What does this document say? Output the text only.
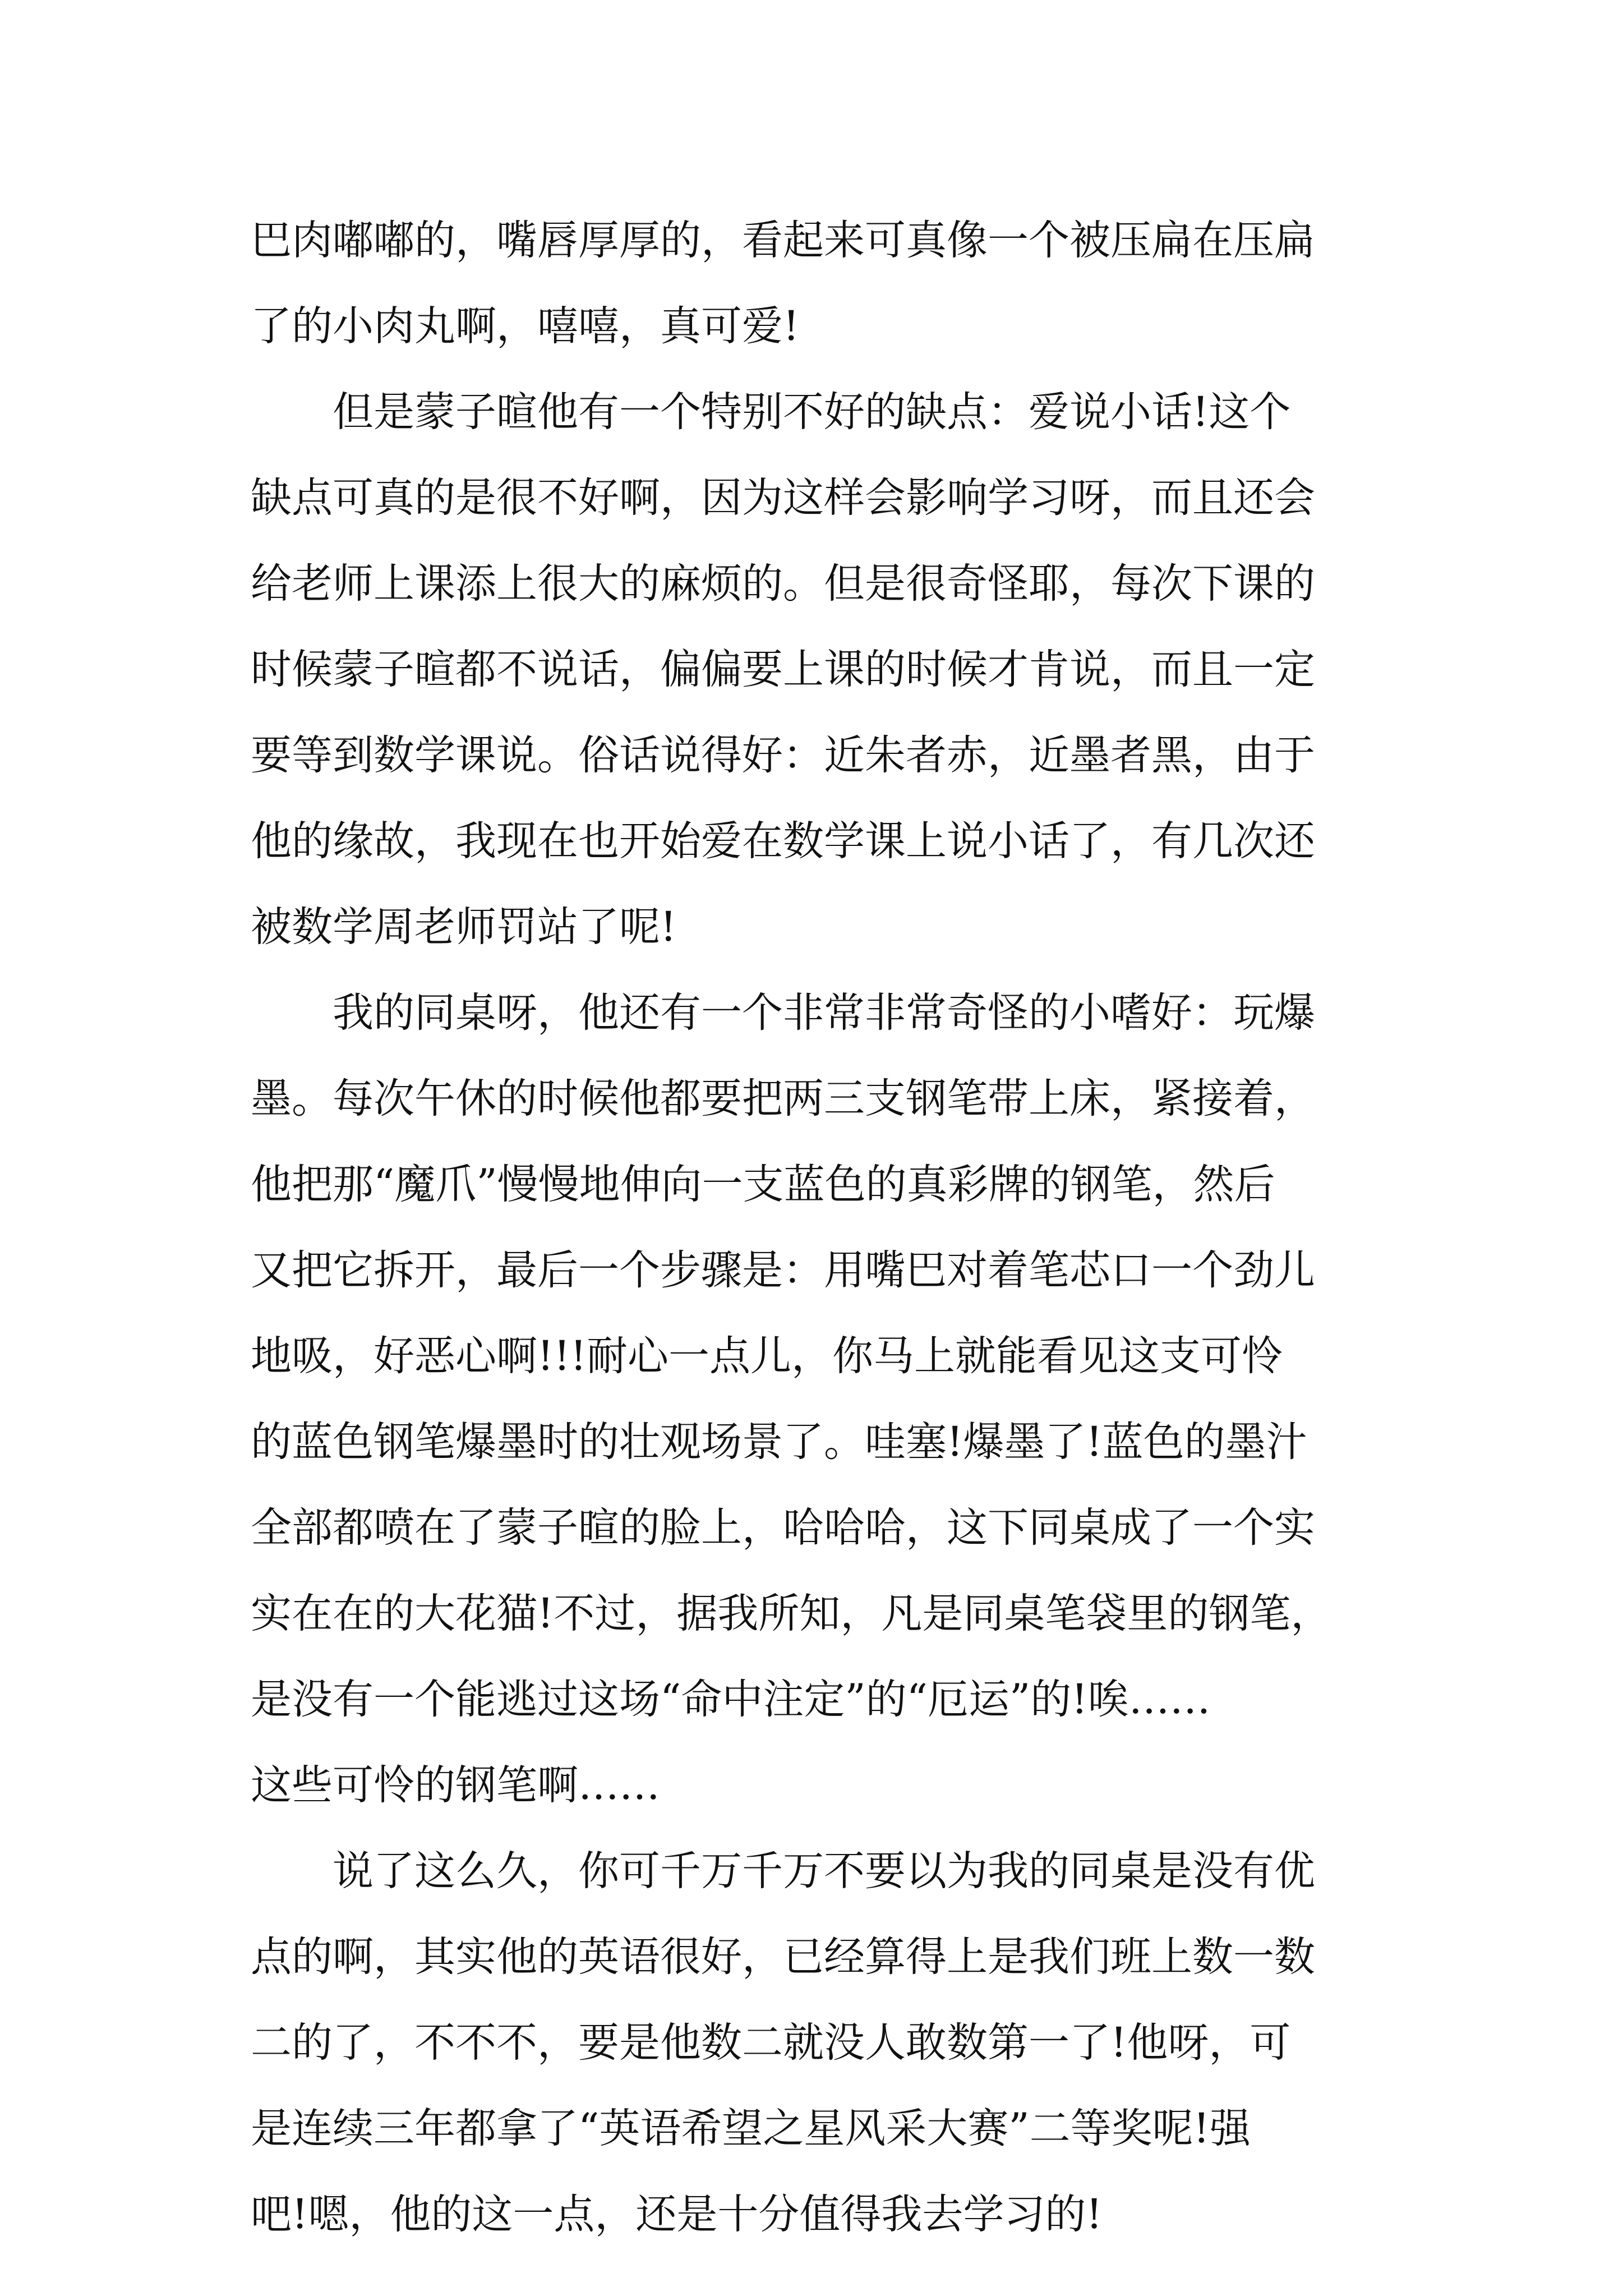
巴肉嘟嘟的，嘴唇厚厚的，看起来可真像一个被压扁在压扁
了的小肉丸啊，嘻嘻，真可爱!
　　但是蒙子暄他有一个特别不好的缺点：爱说小话!这个
缺点可真的是很不好啊，因为这样会影响学习呀，而且还会
给老师上课添上很大的麻烦的。但是很奇怪耶，每次下课的
时候蒙子暄都不说话，偏偏要上课的时候才肯说，而且一定
要等到数学课说。俗话说得好：近朱者赤，近墨者黑，由于
他的缘故，我现在也开始爱在数学课上说小话了，有几次还
被数学周老师罚站了呢!
　　我的同桌呀，他还有一个非常非常奇怪的小嗜好：玩爆
墨。每次午休的时候他都要把两三支钢笔带上床，紧接着，
他把那“魔爪”慢慢地伸向一支蓝色的真彩牌的钢笔，然后
又把它拆开，最后一个步骤是：用嘴巴对着笔芯口一个劲儿
地吸，好恶心啊!!!耐心一点儿，你马上就能看见这支可怜
的蓝色钢笔爆墨时的壮观场景了。哇塞!爆墨了!蓝色的墨汁
全部都喷在了蒙子暄的脸上，哈哈哈，这下同桌成了一个实
实在在的大花猫!不过，据我所知，凡是同桌笔袋里的钢笔，
是没有一个能逃过这场“命中注定”的“厄运”的!唉……
这些可怜的钢笔啊……
　　说了这么久，你可千万千万不要以为我的同桌是没有优
点的啊，其实他的英语很好，已经算得上是我们班上数一数
二的了，不不不，要是他数二就没人敢数第一了!他呀，可
是连续三年都拿了“英语希望之星风采大赛”二等奖呢!强
吧!嗯，他的这一点，还是十分值得我去学习的!
